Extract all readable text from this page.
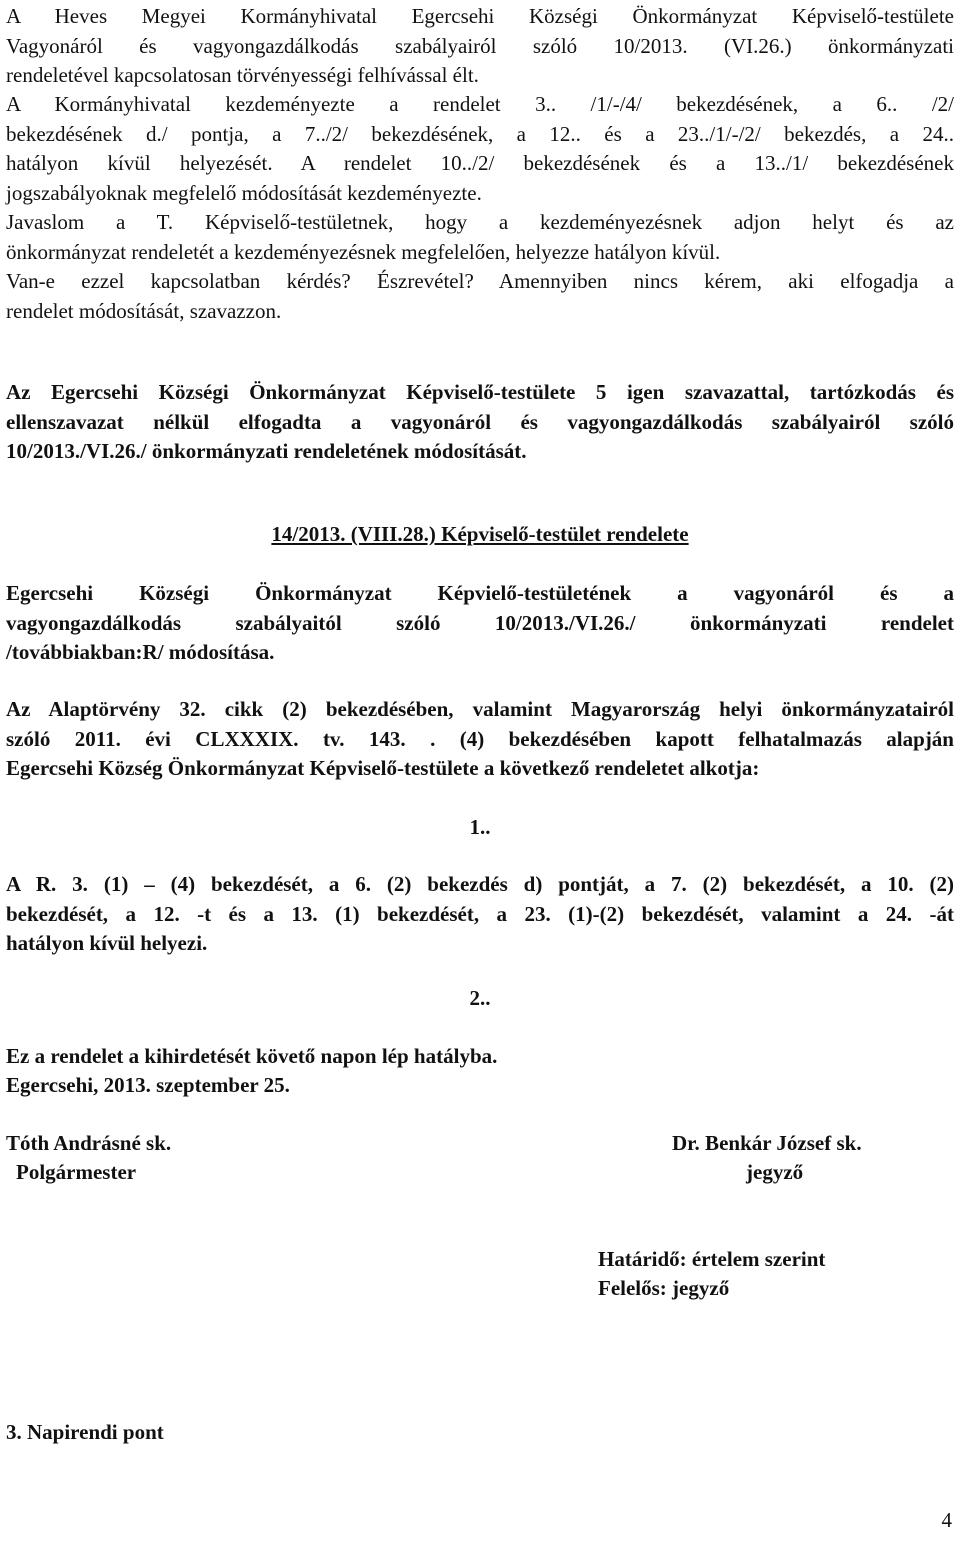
A Heves Megyei Kormányhivatal Egercsehi Községi Önkormányzat Képviselő-testülete
Vagyonáról és vagyongazdálkodás szabályairól szóló 10/2013. (VI.26.) önkormányzati
rendeletével kapcsolatosan törvényességi felhívással élt.
A Kormányhivatal kezdeményezte a rendelet 3.. /1/-/4/ bekezdésének, a 6.. /2/
bekezdésének d./ pontja, a 7../2/ bekezdésének, a 12.. és a 23../1/-/2/ bekezdés, a 24..
hatályon kívül helyezését. A rendelet 10../2/ bekezdésének és a 13../1/ bekezdésének
jogszabályoknak megfelelő módosítását kezdeményezte.
Javaslom a T. Képviselő-testületnek, hogy a kezdeményezésnek adjon helyt és az
önkormányzat rendeletét a kezdeményezésnek megfelelően, helyezze hatályon kívül.
Van-e ezzel kapcsolatban kérdés? Észrevétel? Amennyiben nincs kérem, aki elfogadja a
rendelet módosítását, szavazzon.
Az Egercsehi Községi Önkormányzat Képviselő-testülete 5 igen szavazattal, tartózkodás és
ellenszavazat nélkül elfogadta a vagyonáról és vagyongazdálkodás szabályairól szóló
10/2013./VI.26./ önkormányzati rendeletének módosítását.

14/2013. (VIII.28.) Képviselő-testület rendelete

Egercsehi Községi Önkormányzat Képvielő-testületének a vagyonáról és a
vagyongazdálkodás szabályaitól szóló 10/2013./VI.26./ önkormányzati rendelet
/továbbiakban:R/ módosítása.
Az Alaptörvény 32. cikk (2) bekezdésében, valamint Magyarország helyi önkormányzatairól
szóló 2011. évi CLXXXIX. tv. 143. . (4) bekezdésében kapott felhatalmazás alapján
Egercsehi Község Önkormányzat Képviselő-testülete a következő rendeletet alkotja:

1..

A R. 3. (1) – (4) bekezdését, a 6. (2) bekezdés d) pontját, a 7. (2) bekezdését, a 10. (2)
bekezdését, a 12. -t és a 13. (1) bekezdését, a 23. (1)-(2) bekezdését, valamint a 24. -át
hatályon kívül helyezi.

2..

Ez a rendelet a kihirdetését követő napon lép hatályba.

Egercsehi, 2013. szeptember 25.

Tóth Andrásné sk.

Polgármester

Dr. Benkár József sk.

jegyző

Határidő: értelem szerint

Felelős: jegyző

3. Napirendi pont

4
